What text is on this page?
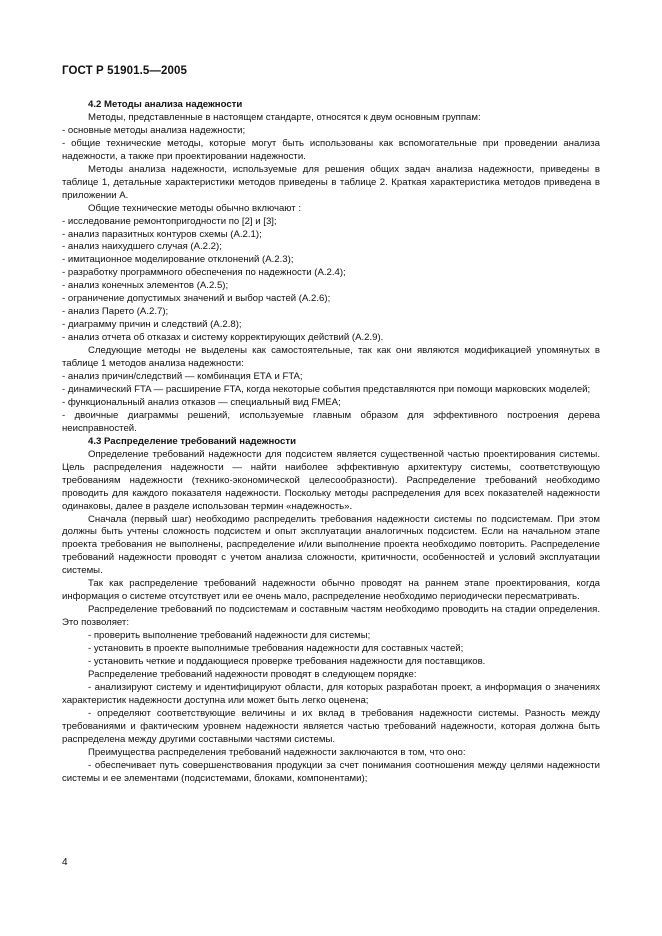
ГОСТ Р 51901.5—2005

4.2 Методы анализа надежности

Методы, представленные в настоящем стандарте, относятся к двум основным группам:

- основные методы анализа надежности;

- общие технические методы, которые могут быть использованы как вспомогательные при проведении анализа надежности, а также при проектировании надежности.

Методы анализа надежности, используемые для решения общих задач анализа надежности, приведены в таблице 1, детальные характеристики методов приведены в таблице 2. Краткая характеристика методов приведена в приложении А.

Общие технические методы обычно включают :

- исследование ремонтопригодности по [2] и [3];

- анализ паразитных контуров схемы (А.2.1);

- анализ наихудшего случая (А.2.2);

- имитационное моделирование отклонений (А.2.3);

- разработку программного обеспечения по надежности (А.2.4);

- анализ конечных элементов (А.2.5);

- ограничение допустимых значений и выбор частей (А.2.6);

- анализ Парето (А.2.7);

- диаграмму причин и следствий (А.2.8);

- анализ отчета об отказах и систему корректирующих действий (А.2.9).

Следующие методы не выделены как самостоятельные, так как они являются модификацией упомянутых в таблице 1 методов анализа надежности:

- анализ причин/следствий — комбинация ЕТА и FTA;

- динамический FTA — расширение FTA, когда некоторые события представляются при помощи марковских моделей;

- функциональный анализ отказов — специальный вид FMEA;

- двоичные диаграммы решений, используемые главным образом для эффективного построения дерева неисправностей.

4.3 Распределение требований надежности

Определение требований надежности для подсистем является существенной частью проектирования системы. Цель распределения надежности — найти наиболее эффективную архитектуру системы, соответствующую требованиям надежности (технико-экономической целесообразности). Распределение требований необходимо проводить для каждого показателя надежности. Поскольку методы распределения для всех показателей надежности одинаковы, далее в разделе использован термин «надежность».

Сначала (первый шаг) необходимо распределить требования надежности системы по подсистемам. При этом должны быть учтены сложность подсистем и опыт эксплуатации аналогичных подсистем. Если на начальном этапе проекта требования не выполнены, распределение и/или выполнение проекта необходимо повторить. Распределение требований надежности проводят с учетом анализа сложности, критичности, особенностей и условий эксплуатации системы.

Так как распределение требований надежности обычно проводят на раннем этапе проектирования, когда информация о системе отсутствует или ее очень мало, распределение необходимо периодически пересматривать.

Распределение требований по подсистемам и составным частям необходимо проводить на стадии определения. Это позволяет:

- проверить выполнение требований надежности для системы;

- установить в проекте выполнимые требования надежности для составных частей;

- установить четкие и поддающиеся проверке требования надежности для поставщиков.

Распределение требований надежности проводят в следующем порядке:

- анализируют систему и идентифицируют области, для которых разработан проект, а информация о значениях характеристик надежности доступна или может быть легко оценена;

- определяют соответствующие величины и их вклад в требования надежности системы. Разность между требованиями и фактическим уровнем надежности является частью требований надежности, которая должна быть распределена между другими составными частями системы.

Преимущества распределения требований надежности заключаются в том, что оно:

- обеспечивает путь совершенствования продукции за счет понимания соотношения между целями надежности системы и ее элементами (подсистемами, блоками, компонентами);

4
